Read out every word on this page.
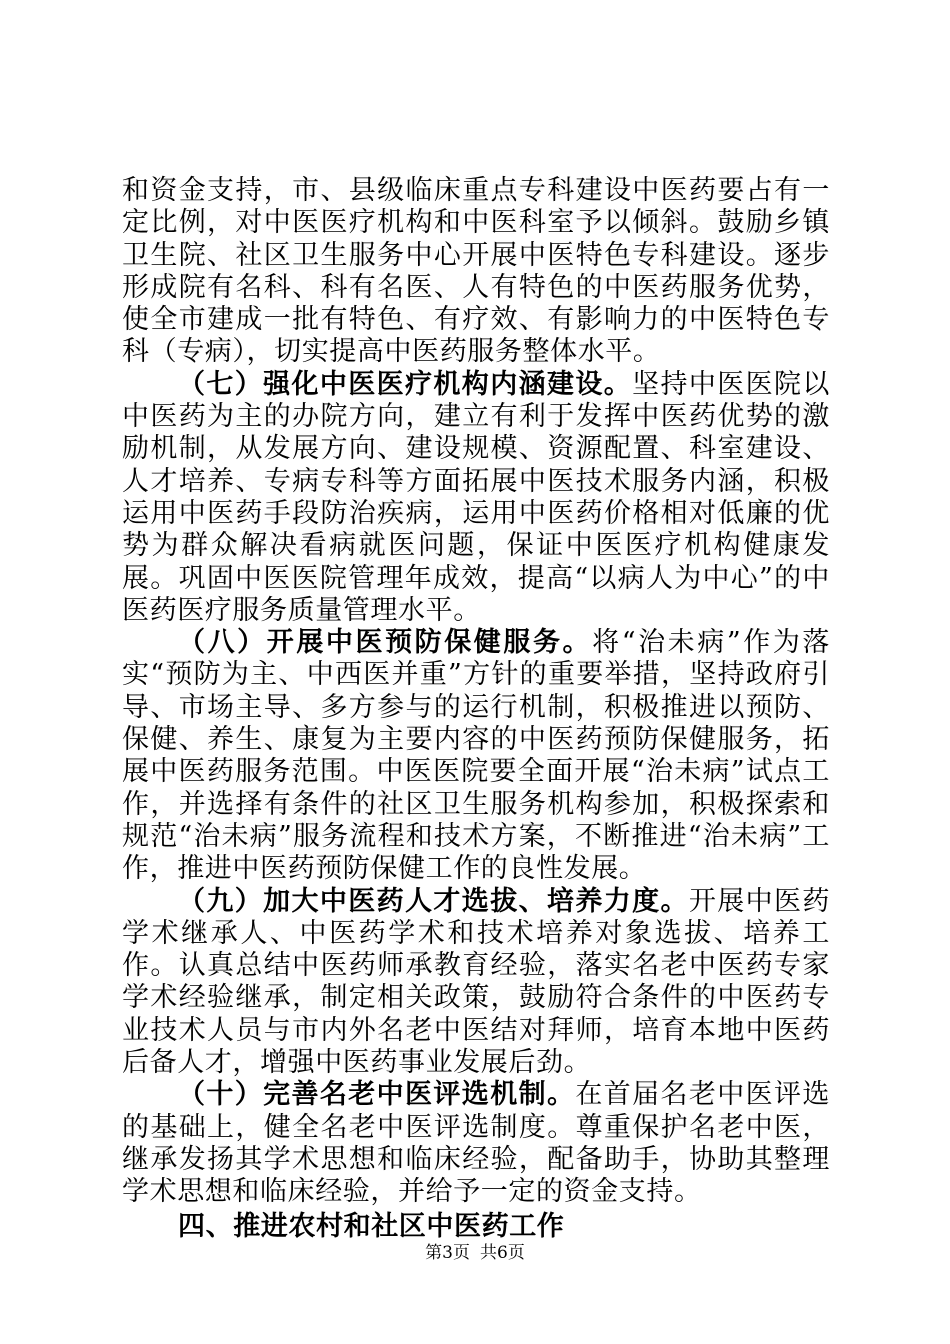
和资金支持，市、县级临床重点专科建设中医药要占有一定比例，对中医医疗机构和中医科室予以倾斜。鼓励乡镇卫生院、社区卫生服务中心开展中医特色专科建设。逐步形成院有名科、科有名医、人有特色的中医药服务优势，使全市建成一批有特色、有疗效、有影响力的中医特色专科（专病），切实提高中医药服务整体水平。

（七）强化中医医疗机构内涵建设。坚持中医医院以中医药为主的办院方向，建立有利于发挥中医药优势的激励机制，从发展方向、建设规模、资源配置、科室建设、人才培养、专病专科等方面拓展中医技术服务内涵，积极运用中医药手段防治疾病，运用中医药价格相对低廉的优势为群众解决看病就医问题，保证中医医疗机构健康发展。巩固中医医院管理年成效，提高“以病人为中心”的中医药医疗服务质量管理水平。

（八）开展中医预防保健服务。将“治未病”作为落实“预防为主、中西医并重”方针的重要举措，坚持政府引导、市场主导、多方参与的运行机制，积极推进以预防、保健、养生、康复为主要内容的中医药预防保健服务，拓展中医药服务范围。中医医院要全面开展“治未病”试点工作，并选择有条件的社区卫生服务机构参加，积极探索和规范“治未病”服务流程和技术方案，不断推进“治未病”工作，推进中医药预防保健工作的良性发展。

（九）加大中医药人才选拔、培养力度。开展中医药学术继承人、中医药学术和技术培养对象选拔、培养工作。认真总结中医药师承教育经验，落实名老中医药专家学术经验继承，制定相关政策，鼓励符合条件的中医药专业技术人员与市内外名老中医结对拜师，培育本地中医药后备人才，增强中医药事业发展后劲。

（十）完善名老中医评选机制。在首届名老中医评选的基础上，健全名老中医评选制度。尊重保护名老中医，继承发扬其学术思想和临床经验，配备助手，协助其整理学术思想和临床经验，并给予一定的资金支持。

四、推进农村和社区中医药工作

第3页 共6页
